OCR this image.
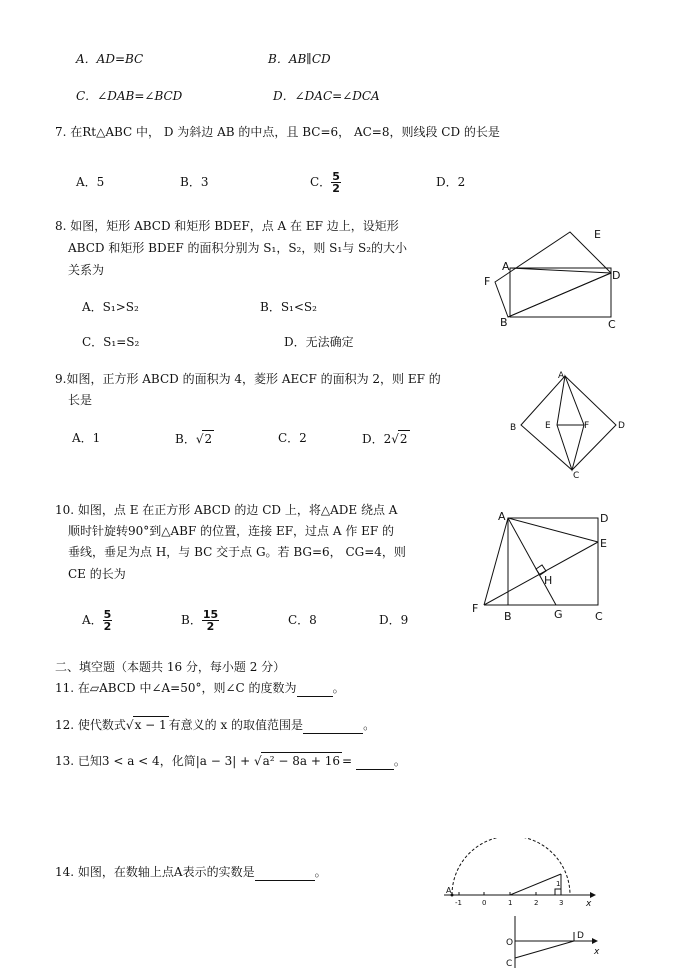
A．AD=BC	B．AB∥CD
C．∠DAB=∠BCD	D．∠DAC=∠DCA
7. 在Rt△ABC 中， D 为斜边 AB 的中点，且 BC=6， AC=8，则线段 CD 的长是
A．5	B．3	C． $\frac{5}{2}$	D．2
8. 如图，矩形 ABCD 和矩形 BDEF，点 A 在 EF 边上，设矩形
ABCD 和矩形 BDEF 的面积分别为 S₁，S₂，则 S₁与 S₂的大小
关系为
A．S₁>S₂	B．S₁<S₂
C．S₁=S₂	D．无法确定
A
B	C
D
E
F
9.如图，正方形 ABCD 的面积为 4，菱形 AECF 的面积为 2，则 EF 的
长是
A．1	B．√2	C．2	D．2√2
A
B
C
D
E	F
10. 如图，点 E 在正方形 ABCD 的边 CD 上，将△ADE 绕点 A
顺时针旋转90°到△ABF 的位置，连接 EF，过点 A 作 EF 的
垂线，垂足为点 H，与 BC 交于点 G。若 BG=6， CG=4，则
CE 的长为
A． $\frac{5}{2}$	B． $\frac{15}{2}$	C．8	D．9
A
B	C
D
E
F	G
H
二、填空题（本题共 16 分，每小题 2 分）
11. 在▱ABCD 中∠A=50°，则∠C 的度数为	。
12. 使代数式√x − 1 有意义的 x 的取值范围是	。
13. 已知3 < a < 4，化简|a − 3| + √a² − 8a + 16 =	。
14. 如图，在数轴上点A表示的实数是	。
A
-1	0	1	2	3
1
x
O
D
C
x
